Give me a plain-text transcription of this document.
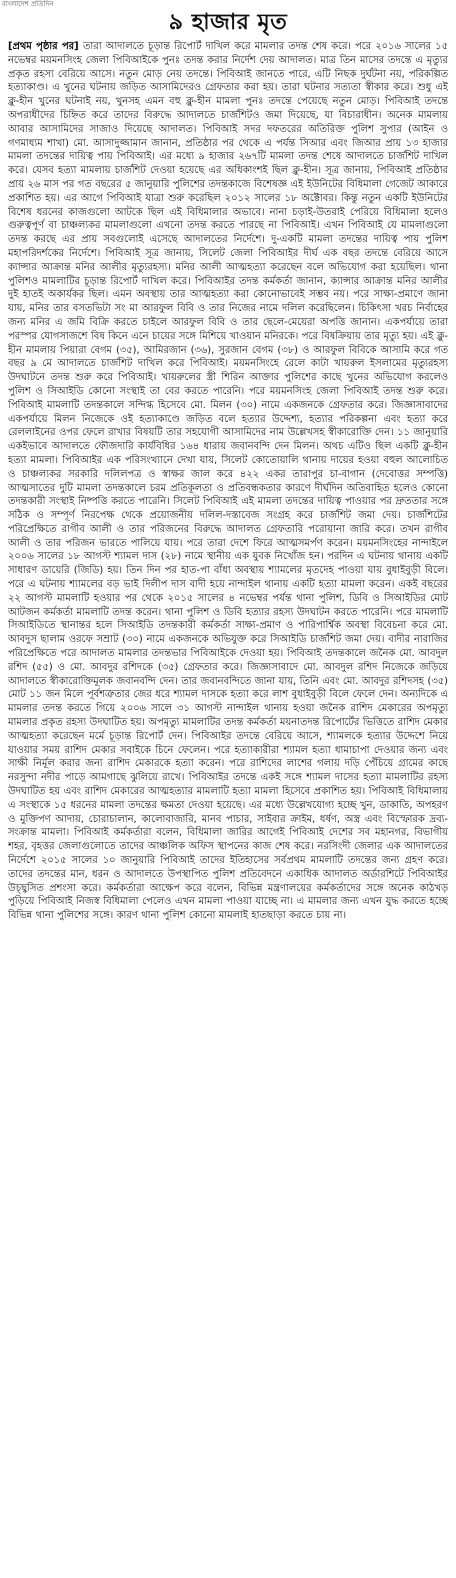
বাংলাদেশ প্রতিদিন
৯ হাজার মৃত
[প্রথম পৃষ্ঠার পর] তারা আদালতে চূড়ান্ত রিপোর্ট দাখিল করে মামলার তদন্ত শেষ করে। পরে ২০১৬ সালের ১৫ নভেম্বর ময়মনসিংহ জেলা পিবিআইকে পুনঃ তদন্ত করার নির্দেশ দেয় আদালত। মাত্র তিন মাসের তদন্তে এ মৃত্যুর প্রকৃত রহস্য বেরিয়ে আসে। নতুন মোড় নেয় তদন্তে। পিবিআই জানতে পারে, এটি নিছক দুর্ঘটনা নয়, পরিকল্পিত হত্যাকাণ্ড। এ খুনের ঘটনায় জড়িত আসামিদেরও গ্রেফতার করা হয়। তারা ঘটনার সত্যতা স্বীকার করে। শুধু এই ক্লু-হীন খুনের ঘটনাই নয়, খুনসহ এমন বহু ক্লু-হীন মামলা পুনঃ তদন্তে পেয়েছে নতুন মোড়। পিবিআই তদন্তে অপরাধীদের চিহ্নিত করে তাদের বিরুদ্ধে আদালতে চার্জশিটও জমা দিয়েছে, যা বিচারাধীন। অনেক মামলায় আবার আসামিদের সাজাও দিয়েছে আদালত। পিবিআই সদর দফতরের অতিরিক্ত পুলিশ সুপার (আইন ও গণমাধ্যম শাখা) মো. আসাদুজ্জামান জানান, প্রতিষ্ঠার পর থেকে এ পর্যন্ত সিআর এবং জিআর প্রায় ১৩ হাজার মামলা তদন্তের দায়িত্ব পায় পিবিআই। এর মধ্যে ৯ হাজার ২৬৭টি মামলা তদন্ত শেষে আদালতে চার্জশিট দাখিল করে। যেসব হত্যা মামলায় চার্জশিট দেওয়া হয়েছে এর অধিকাংশই ছিল ক্লু-হীন। সূত্র জানায়, পিবিআই প্রতিষ্ঠার প্রায় ২৬ মাস পর গত বছরের ৫ জানুয়ারি পুলিশের তদন্তকাজে বিশেষজ্ঞ এই ইউনিটের বিধিমালা গেজেট আকারে প্রকাশিত হয়। এর আগে পিবিআই যাত্রা শুরু করেছিল ২০১২ সালের ১৮ অক্টোবর। কিন্তু নতুন একটি ইউনিটের বিশেষ ধরনের কাজগুলো আটকে ছিল এই বিধিমালার অভাবে। নানা চড়াই-উতরাই পেরিয়ে বিধিমালা হলেও গুরুত্বপূর্ণ বা চাঞ্চল্যকর মামলাগুলো এখনো তদন্ত করতে পারছে না পিবিআই। এখন পিবিআই যে মামলাগুলো তদন্ত করছে এর প্রায় সবগুলোই এসেছে আদালতের নির্দেশে। দু-একটি মামলা তদন্তের দায়িত্ব পায় পুলিশ মহাপরিদর্শকের নির্দেশে। পিবিআই সূত্র জানায়, সিলেট জেলা পিবিআইর দীর্ঘ এক বছর তদন্তে বেরিয়ে আসে ক্যান্সার আক্রান্ত মনির আলীর মৃত্যুরহস্য। মনির আলী আত্মহত্যা করেছেন বলে অভিযোগ করা হয়েছিল। থানা পুলিশও মামলাটির চূড়ান্ত রিপোর্ট দাখিল করে। পিবিআইর তদন্ত কর্মকর্তা জানান, ক্যান্সার আক্রান্ত মনির আলীর দুই হাতই অকার্যকর ছিল। এমন অবস্থায় তার আত্মহত্যা করা কোনোভাবেই সম্ভব নয়। পরে সাক্ষ্য-প্রমাণে জানা যায়, মনির তার বসতভিটা সং মা আরফুল বিবি ও তার নিজের নামে দলিল করেছিলেন। চিকিৎসা খরচ নির্বাহের জন্য মনির এ জমি বিক্রি করতে চাইলে আরফুল বিবি ও তার ছেলে-মেয়েরা অপত্তি জানান। একপর্যায়ে তারা পরস্পর যোগসাজশে বিষ কিনে এনে চায়ের সঙ্গে মিশিয়ে খাওয়ান মনিরকে। পরে বিষক্রিয়ায় তার মৃত্যু হয়। এই ক্লু-হীন মামলায় পিয়ারা বেগম (৩৫), আমিরজান (৩৬), সুরজান বেগম (৩৮) ও আরফুল বিবিকে আসামি করে গত বছর ৯ মে আদালতে চার্জশিট দাখিল করে পিবিআই। ময়মনসিংহে রেলে কাটা খায়রুল ইসলামের মৃত্যুরহস্য উদঘাটনে তদন্ত শুরু করে পিবিআই। খায়রুলের স্ত্রী শিরিন আক্তার পুলিশের কাছে খুনের অভিযোগ করলেও পুলিশ ও সিআইডি কোনো সংস্থাই তা বের করতে পারেনি। পরে ময়মনসিংহ জেলা পিবিআই তদন্ত শুরু করে। পিবিআই মামলাটি তদন্তকালে সন্দিগ্ধ হিসেবে মো. মিলন (৩০) নামে একজনকে গ্রেফতার করে। জিজ্ঞাসাবাদের একপর্যায়ে মিলন নিজেকে ওই হত্যাকাণ্ডে জড়িত বলে হত্যার উদ্দেশ্য, হত্যার পরিকল্পনা এবং হত্যা করে রেললাইনের ওপর ফেলে রাখার বিষয়টি তার সহযোগী আসামিদের নাম উল্লেখসহ স্বীকারোক্তি দেন। ১১ জানুয়ারি একইভাবে আদালতে ফৌজদারি কার্যবিধির ১৬৪ ধারায় জবানবন্দি দেন মিলন। অথচ এটিও ছিল একটি ক্লু-হীন হত্যা মামলা। পিবিআইর এক পরিসংখ্যানে দেখা যায়, সিলেট কোতোয়ালি থানায় দায়ের হওয়া বহুল আলোচিত ও চাঞ্চল্যকর সরকারি দলিলপত্র ও স্বাক্ষর জাল করে ৪২২ একর তারাপুর চা-বাগান (দেবোত্তর সম্পত্তি) আত্মসাতের দুটি মামলা তদন্তকালে চরম প্রতিকূলতা ও প্রতিবন্ধকতার কারণে দীর্ঘদিন অতিবাহিত হলেও কোনো তদন্তকারী সংস্থাই নিষ্পত্তি করতে পারেনি। সিলেট পিবিআই এই মামলা তদন্তের দায়িত্ব পাওয়ার পর দ্রুততার সঙ্গে সঠিক ও সম্পূর্ণ নিরপেক্ষ থেকে প্রয়োজনীয় দলিল-দস্তাবেজ সংগ্রহ করে চার্জশিট জমা দেয়। চার্জশিটের পরিপ্রেক্ষিতে রাগীব আলী ও তার পরিজনের বিরুদ্ধে আদালত গ্রেফতারি পরোয়ানা জারি করে। তখন রাগীব আলী ও তার পরিজন ভারতে পালিয়ে যায়। পরে তারা দেশে ফিরে আত্মসমর্পণ করেন। ময়মনসিংহের নান্দাইলে ২০০৬ সালের ১৮ আগস্ট শ্যামল দাস (২৮) নামে স্থানীয় এক যুবক নিখোঁজ হন। পরদিন এ ঘটনায় থানায় একটি সাধারণ ডায়েরি (জিডি) হয়। তিন দিন পর হাত-পা বাঁধা অবস্থায় শ্যামলের মৃতদেহ পাওয়া যায় বুধাইবুড়ী বিলে। পরে এ ঘটনায় শ্যামলের বড় ভাই দিলীপ দাস বাদী হয়ে নান্দাইল থানায় একটি হত্যা মামলা করেন। একই বছরের ২২ আগস্ট মামলাটি হওয়ার পর থেকে ২০১৫ সালের ৪ নভেম্বর পর্যন্ত থানা পুলিশ, ডিবি ও সিআইডির মোট আটজন কর্মকর্তা মামলাটি তদন্ত করেন। থানা পুলিশ ও ডিবি হত্যার রহস্য উদঘাটন করতে পারেনি। পরে মামলাটি সিআইডিতে স্থানান্তর হলে সিআইডি তদন্তকারী কর্মকর্তা সাক্ষ্য-প্রমাণ ও পারিপার্শ্বিক অবস্থা বিবেচনা করে মো. আবদুস ছালাম ওরফে সম্রাট (৩০) নামে একজনকে অভিযুক্ত করে সিআইডি চার্জশিট জমা দেয়। বাদীর নারাজির পরিপ্রেক্ষিতে পরে আদালত মামলার তদন্তভার পিবিআইকে দেওয়া হয়। পিবিআই তদন্তকালে জনৈক মো. আবদুল রশিদ (৫৫) ও মো. আবদুর রশিদকে (৩৫) গ্রেফতার করে। জিজ্ঞাসাবাদে মো. আবদুল রশিদ নিজেকে জড়িয়ে আদালতে স্বীকারোক্তিমূলক জবানবন্দি দেন। তার জবানবন্দিতে জানা যায়, তিনি এবং মো. আবদুর রশিদসহ (৩৫) মোট ১১ জন মিলে পূর্বশত্রুতার জের ধরে শ্যামল দাসকে হত্যা করে লাশ বুধাইবুড়ী বিলে ফেলে দেন। অন্যদিকে এ মামলার তদন্ত করতে গিয়ে ২০০৬ সালে ৩১ আগস্ট নান্দাইল থানায় হওয়া জনৈক রাশিদ মেকারের অপমৃত্যু মামলার প্রকৃত রহস্য উদঘাটিত হয়। অপমৃত্যু মামলাটির তদন্ত কর্মকর্তা ময়নাতদন্ত রিপোর্টের ভিত্তিতে রাশিদ মেকার আত্মহত্যা করেছেন মর্মে চূড়ান্ত রিপোর্ট দেন। পিবিআইর তদন্তে বেরিয়ে আসে, শ্যামলকে হত্যার উদ্দেশে নিয়ে যাওয়ার সময় রাশিদ মেকার সবাইকে চিনে ফেলেন। পরে হত্যাকারীরা শ্যামল হত্যা ধামাচাপা দেওয়ার জন্য এবং সাক্ষী নির্মূল করার জন্য রাশিদ মেকারকে হত্যা করেন। পরে রাশিদের লাশের গলায় দড়ি পেঁচিয়ে গ্রামের কাছে নরসুন্দা নদীর পাড়ে আমগাছে ঝুলিয়ে রাখে। পিবিআইর তদন্তে একই সঙ্গে শ্যামল দাসের হত্যা মামলাটির রহস্য উদঘাটিত হয় এবং রাশিদ মেকারের আত্মহত্যার মামলাটি হত্যা মামলা হিসেবে প্রকাশিত হয়। পিবিআই বিধিমালায় এ সংস্থাকে ১৫ ধরনের মামলা তদন্তের ক্ষমতা দেওয়া হয়েছে। এর মধ্যে উল্লেখযোগ্য হচ্ছে খুন, ডাকাতি, অপহরণ ও মুক্তিপণ আদায়, চোরাচালান, কালোবাজারি, মানব পাচার, সাইবার ক্রাইম, ধর্ষণ, অস্ত্র এবং বিস্ফোরক দ্রব্য-সংক্রান্ত মামলা। পিবিআই কর্মকর্তারা বলেন, বিধিমালা জারির আগেই পিবিআই দেশের সব মহানগর, বিভাগীয় শহর, বৃহত্তর জেলাগুলোতে তাদের আঞ্চলিক অফিস স্থাপনের কাজ শেষ করে। নরসিংদী জেলার এক আদালতের নির্দেশে ২০১৫ সালের ১০ জানুয়ারি পিবিআই তাদের ইতিহাসের সর্বপ্রথম মামলাটি তদন্তের জন্য গ্রহণ করে। তাদের তদন্তের মান, ধরন ও আদালতে উপস্থাপিত পুলিশ প্রতিবেদনে একাধিক আদালত অর্ডারশিটে পিবিআইর উচ্ছ্বসিত প্রশংসা করে। কর্মকর্তারা আক্ষেপ করে বলেন, বিভিন্ন মন্ত্রণালয়ের কর্মকর্তাদের সঙ্গে অনেক কাঠখড় পুড়িয়ে পিবিআই নিজস্ব বিধিমালা পেলেও এখন মামলা পাওয়া যাচ্ছে না। এ মামলার জন্য এখন যুদ্ধ করতে হচ্ছে বিভিন্ন থানা পুলিশের সঙ্গে। কারণ থানা পুলিশ কোনো মামলাই হাতছাড়া করতে চায় না।
